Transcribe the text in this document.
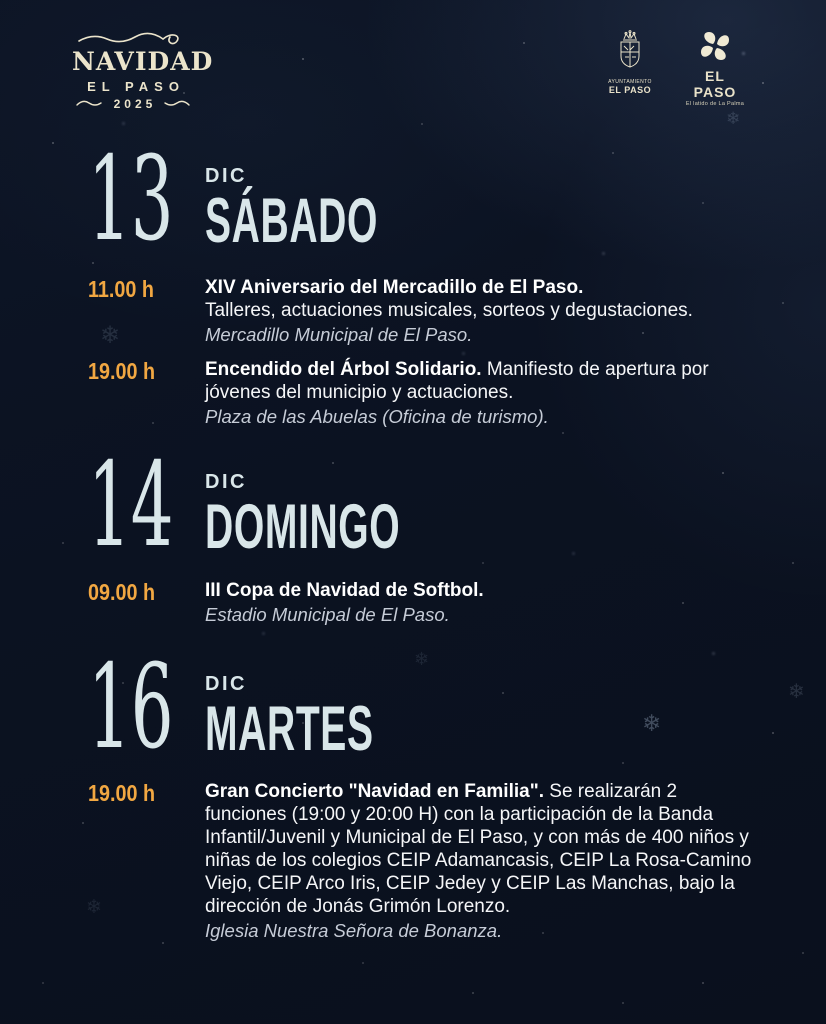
❄
❄
❄
❄
❄
❄
NAVIDAD
EL PASO
2025
AYUNTAMIENTO
EL PASO
EL PASO
El latido de La Palma
13	DIC
SÁBADO
11.00 h	XIV Aniversario del Mercadillo de El Paso.

Talleres, actuaciones musicales, sorteos y degustaciones.

Mercadillo Municipal de El Paso.

19.00 h	Encendido del Árbol Solidario. Manifiesto de apertura por jóvenes del municipio y actuaciones.

Plaza de las Abuelas (Oficina de turismo).

14	DIC
DOMINGO
09.00 h	III Copa de Navidad de Softbol.

Estadio Municipal de El Paso.

16	DIC
MARTES
19.00 h	Gran Concierto "Navidad en Familia". Se realizarán 2 funciones (19:00 y 20:00 H) con la participación de la Banda Infantil/Juvenil y Municipal de El Paso, y con más de 400 niños y niñas de los colegios CEIP Adamancasis, CEIP La Rosa-Camino Viejo, CEIP Arco Iris, CEIP Jedey y CEIP Las Manchas, bajo la dirección de Jonás Grimón Lorenzo.

Iglesia Nuestra Señora de Bonanza.
